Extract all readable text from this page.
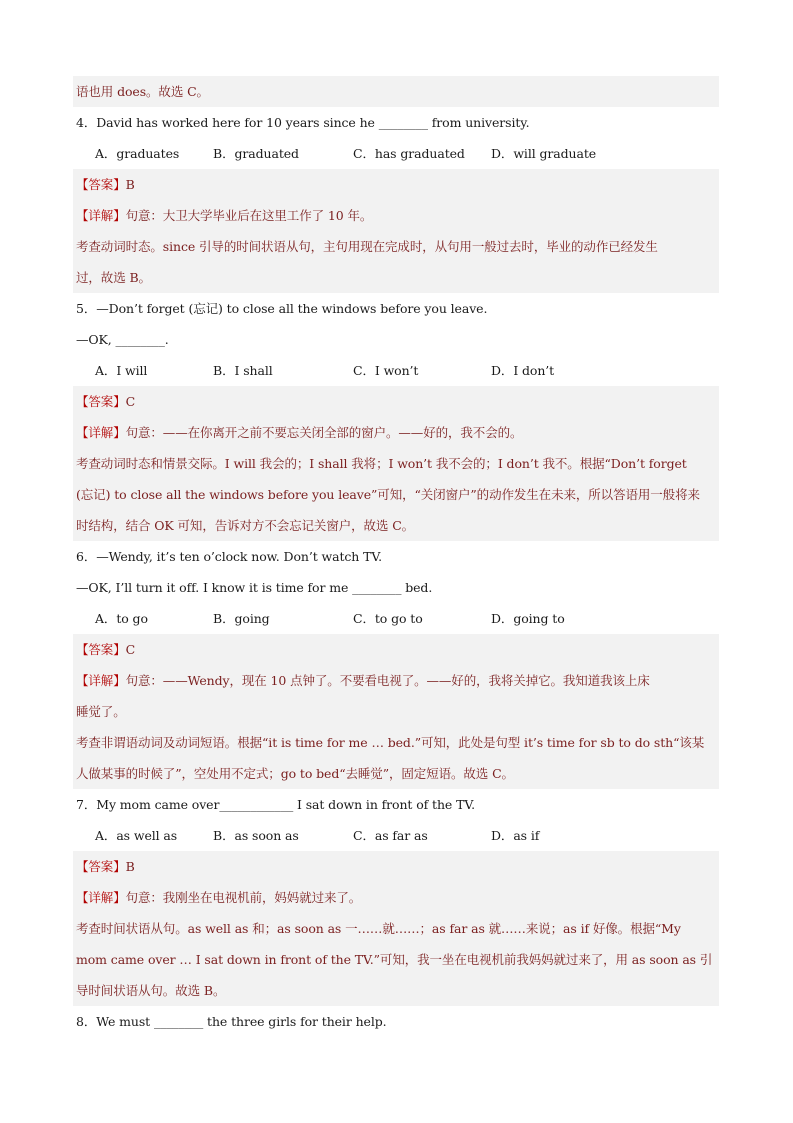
语也用 does。故选 C。
4．David has worked here for 10 years since he ________ from university.
A．graduates	B．graduated	C．has graduated D．will graduate
【答案】B
【详解】句意：大卫大学毕业后在这里工作了 10 年。
考查动词时态。since 引导的时间状语从句，主句用现在完成时，从句用一般过去时，毕业的动作已经发生
过，故选 B。
5．—Don’t forget (忘记) to close all the windows before you leave.
—OK, ________.
A．I will	B．I shall	C．I won’t	D．I don’t
【答案】C
【详解】句意：——在你离开之前不要忘关闭全部的窗户。——好的，我不会的。
考查动词时态和情景交际。I will 我会的；I shall 我将；I won’t 我不会的；I don’t 我不。根据“Don’t forget
(忘记) to close all the windows before you leave”可知，“关闭窗户”的动作发生在未来，所以答语用一般将来
时结构，结合 OK 可知，告诉对方不会忘记关窗户，故选 C。
6．—Wendy, it’s ten o’clock now. Don’t watch TV.
—OK, I’ll turn it off. I know it is time for me ________ bed.
A．to go	B．going	C．to go to	D．going to
【答案】C
【详解】句意：——Wendy，现在 10 点钟了。不要看电视了。——好的，我将关掉它。我知道我该上床
睡觉了。
考查非谓语动词及动词短语。根据“it is time for me … bed.”可知，此处是句型 it’s time for sb to do sth“该某
人做某事的时候了”，空处用不定式；go to bed“去睡觉”，固定短语。故选 C。
7．My mom came over____________ I sat down in front of the TV.
A．as well as	B．as soon as	C．as far as	D．as if
【答案】B
【详解】句意：我刚坐在电视机前，妈妈就过来了。
考查时间状语从句。as well as 和；as soon as 一……就……；as far as 就……来说；as if 好像。根据“My
mom came over … I sat down in front of the TV.”可知，我一坐在电视机前我妈妈就过来了，用 as soon as 引
导时间状语从句。故选 B。
8．We must ________ the three girls for their help.
